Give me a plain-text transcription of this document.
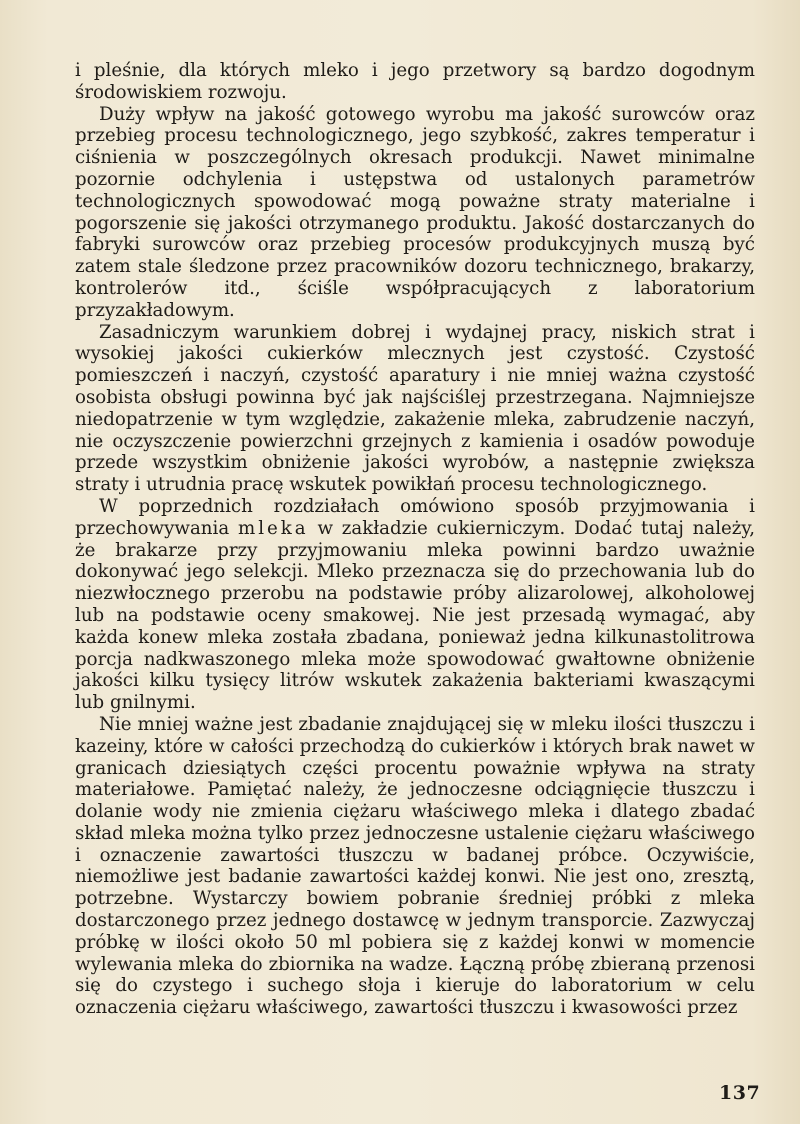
i pleśnie, dla których mleko i jego przetwory są bardzo dogodnym środowiskiem rozwoju.

Duży wpływ na jakość gotowego wyrobu ma jakość surowców oraz przebieg procesu technologicznego, jego szybkość, zakres temperatur i ciśnienia w poszczególnych okresach produkcji. Nawet minimalne pozornie odchylenia i ustępstwa od ustalonych parametrów technologicznych spowodować mogą poważne straty materialne i pogorszenie się jakości otrzymanego produktu. Jakość dostarczanych do fabryki surowców oraz przebieg procesów produkcyjnych muszą być zatem stale śledzone przez pracowników dozoru technicznego, brakarzy, kontrolerów itd., ściśle współpracujących z laboratorium przyzakładowym.

Zasadniczym warunkiem dobrej i wydajnej pracy, niskich strat i wysokiej jakości cukierków mlecznych jest czystość. Czystość pomieszczeń i naczyń, czystość aparatury i nie mniej ważna czystość osobista obsługi powinna być jak najściślej przestrzegana. Najmniejsze niedopatrzenie w tym względzie, zakażenie mleka, zabrudzenie naczyń, nie oczyszczenie powierzchni grzejnych z kamienia i osadów powoduje przede wszystkim obniżenie jakości wyrobów, a następnie zwiększa straty i utrudnia pracę wskutek powikłań procesu technologicznego.

W poprzednich rozdziałach omówiono sposób przyjmowania i przechowywania mleka w zakładzie cukierniczym. Dodać tutaj należy, że brakarze przy przyjmowaniu mleka powinni bardzo uważnie dokonywać jego selekcji. Mleko przeznacza się do przechowania lub do niezwłocznego przerobu na podstawie próby alizarolowej, alkoholowej lub na podstawie oceny smakowej. Nie jest przesadą wymagać, aby każda konew mleka została zbadana, ponieważ jedna kilkunastolitrowa porcja nadkwaszonego mleka może spowodować gwałtowne obniżenie jakości kilku tysięcy litrów wskutek zakażenia bakteriami kwaszącymi lub gnilnymi.

Nie mniej ważne jest zbadanie znajdującej się w mleku ilości tłuszczu i kazeiny, które w całości przechodzą do cukierków i których brak nawet w granicach dziesiątych części procentu poważnie wpływa na straty materiałowe. Pamiętać należy, że jednoczesne odciągnięcie tłuszczu i dolanie wody nie zmienia ciężaru właściwego mleka i dlatego zbadać skład mleka można tylko przez jednoczesne ustalenie ciężaru właściwego i oznaczenie zawartości tłuszczu w badanej próbce. Oczywiście, niemożliwe jest badanie zawartości każdej konwi. Nie jest ono, zresztą, potrzebne. Wystarczy bowiem pobranie średniej próbki z mleka dostarczonego przez jednego dostawcę w jednym transporcie. Zazwyczaj próbkę w ilości około 50 ml pobiera się z każdej konwi w momencie wylewania mleka do zbiornika na wadze. Łączną próbę zbieraną przenosi się do czystego i suchego słoja i kieruje do laboratorium w celu oznaczenia ciężaru właściwego, zawartości tłuszczu i kwasowości przez

137
